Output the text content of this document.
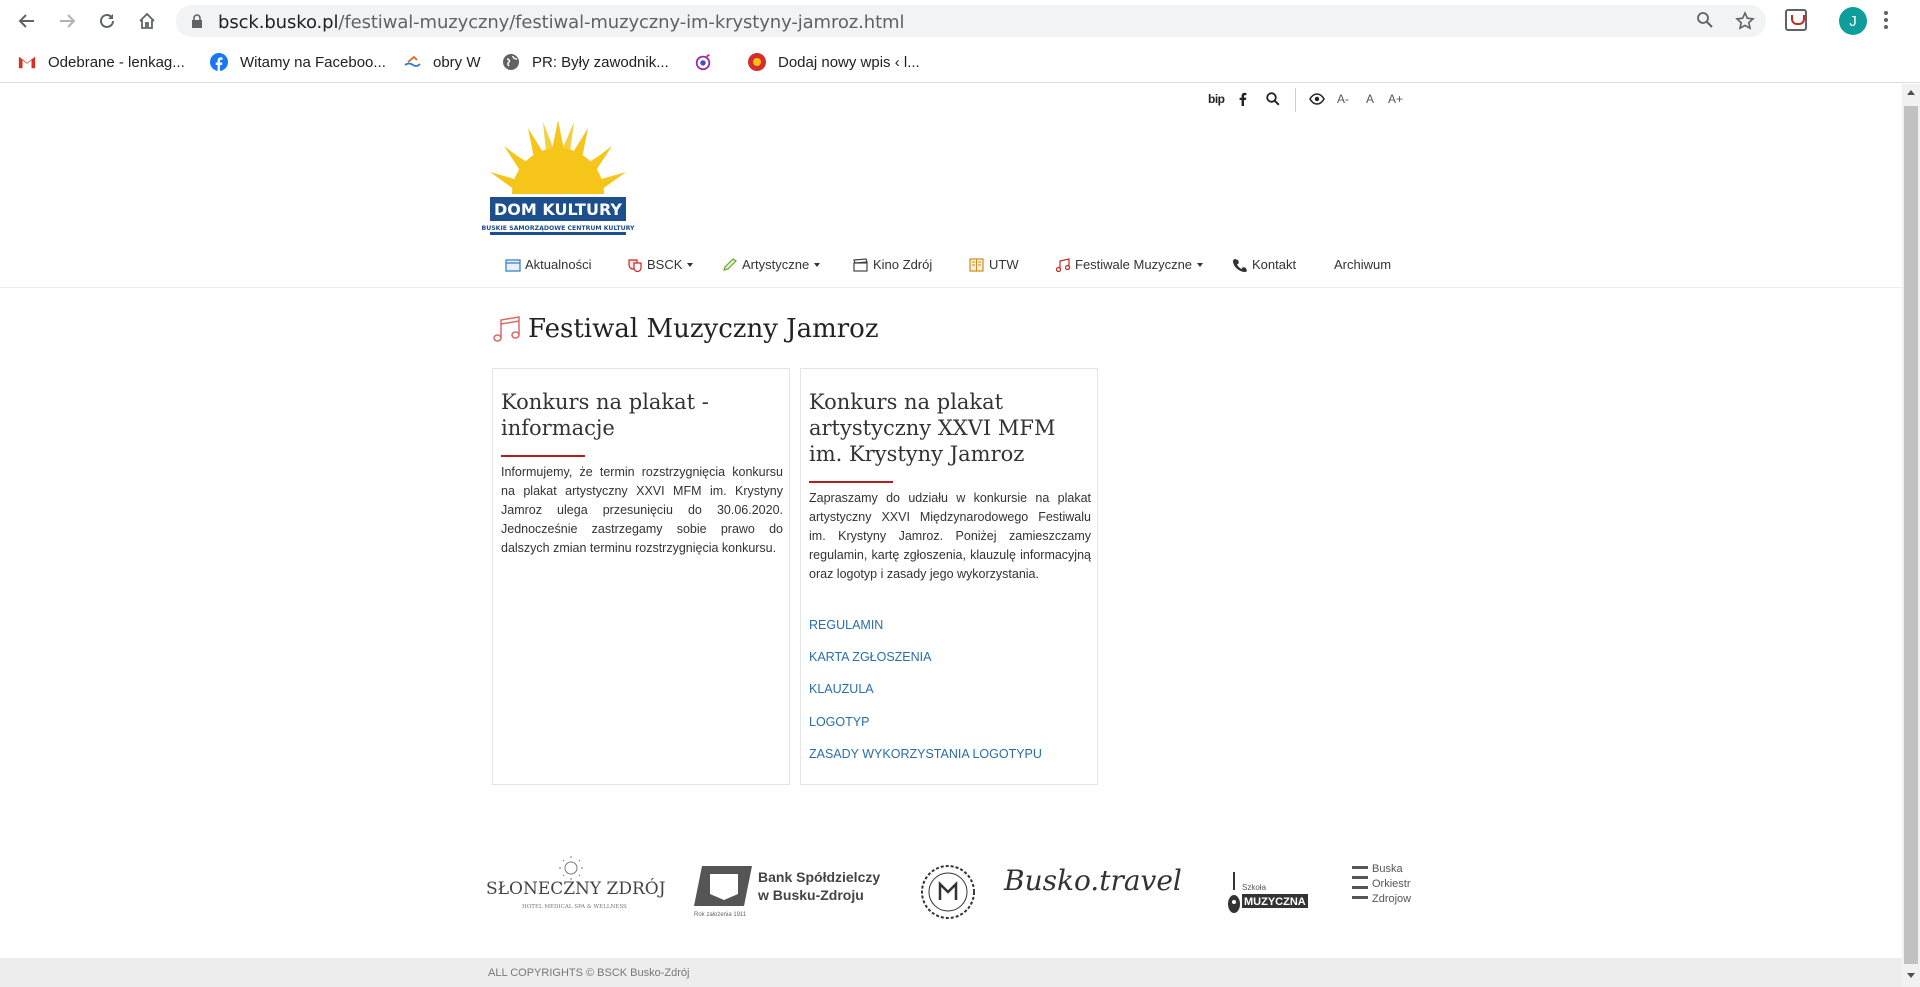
bsck.busko.pl/festiwal-muzyczny/festiwal-muzyczny-im-krystyny-jamroz.html	J
Odebrane - lenkag...	Witamy na Faceboo...	obry W	PR: Były zawodnik...	Dodaj nowy wpis ‹ l...
bip	A- A A+
DOM KULTURY
BUSKIE SAMORZĄDOWE CENTRUM KULTURY
Aktualności	BSCK	Artystyczne	Kino Zdrój	UTW	Festiwale Muzyczne	Kontakt	Archiwum
Festiwal Muzyczny Jamroz
Konkurs na plakat - informacje
Informujemy, że termin rozstrzygnięcia konkursu na plakat artystyczny XXVI MFM im. Krystyny Jamroz ulega przesunięciu do 30.06.2020. Jednocześnie zastrzegamy sobie prawo do dalszych zmian terminu rozstrzygnięcia konkursu.
Konkurs na plakat artystyczny XXVI MFM im. Krystyny Jamroz
Zapraszamy do udziału w konkursie na plakat artystyczny XXVI Międzynarodowego Festiwalu im. Krystyny Jamroz. Poniżej zamieszczamy regulamin, kartę zgłoszenia, klauzulę informacyjną oraz logotyp i zasady jego wykorzystania.
REGULAMIN
KARTA ZGŁOSZENIA
KLAUZULA
LOGOTYP
ZASADY WYKORZYSTANIA LOGOTYPU
SŁONECZNY ZDRÓJ
HOTEL MEDICAL SPA & WELLNESS
Bank Spółdzielczy
w Busku-Zdroju
Rok założenia 1911
Busko.travel	Szkoła
MUZYCZNA
Buska
Orkiestr
Zdrojow
ALL COPYRIGHTS © BSCK Busko-Zdrój
